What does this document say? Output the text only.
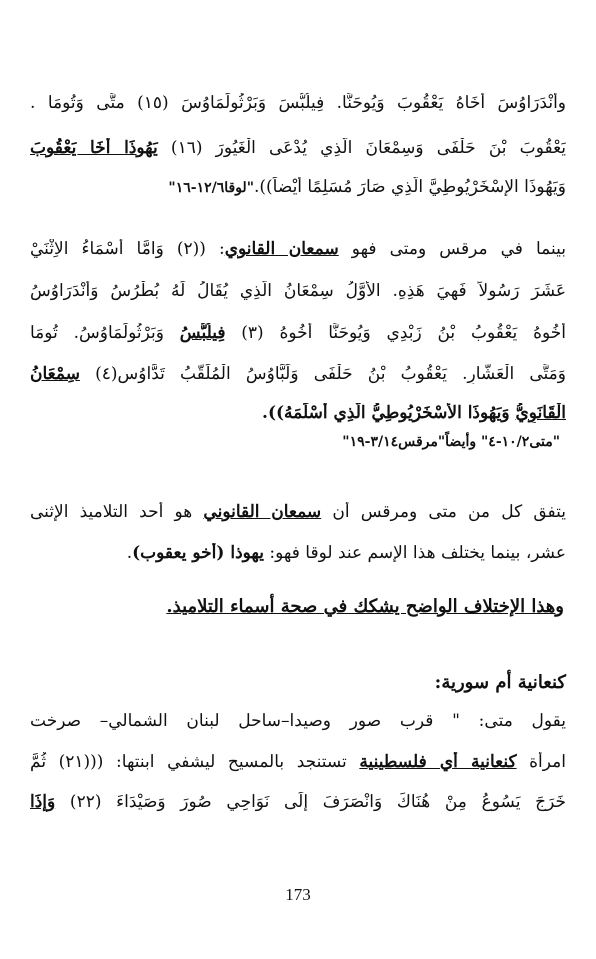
وأَنْدَرَاوُسَ أَخَاهُ يَعْقُوبَ وَيُوحَنَّا. فِيلُبُّسَ وَبَرْثُولَمَاوُسَ (١٥) متَّى وَتُومَا .
يَعْقُوبَ بْنَ حَلْفَى وَسِمْعَانَ الَّذِي يُدْعَى الْغَيُورَ (١٦) يَهُوذَا أَخَا يَعْقُوبَ
وَيَهُوذَا الإِسْخَرْيُوطِيَّ الَّذِي صَارَ مُسَلِمًا أَيْضاً))."لوقا١٢/٦-١٦"
بينما في مرقس ومتى فهو سمعان القانوي: ((٢) وَامَّا أَسْمَاءُ الاِثْنَيْ
عَشَرَ رَسُولاً فَهِيَ هَذِهِ. الأَوَّلُ سِمْعَانُ الَّذِي يُقَالُ لَهُ بُطْرُسُ وَأَنْدَرَاوُسُ
أَخُوهُ يَعْقُوبُ بْنُ زَبْدِي وَيُوحَنَّا أَخُوهُ (٣) فِيلُبُّسُ وَبَرْثُولَمَاوُسُ. تُومَا
وَمَتَّى الْعَشَّارِ. يَعْقُوبُ بْنُ حَلْفَى وَلَبَّاوُسُ الْمُلَقَّبُ تَدَّاوُس(٤) سِمْعَانُ
الْقَانَوِيُّ وَيَهُوذَا الأَسْخَرْيُوطِيُّ الَّذِي أَسْلَمَهُ)).
"متى١٠/٢-٤" وأيضاً"مرقس٣/١٤-١٩"
يتفق كل من متى ومرقس أن سمعان القانوني هو أحد التلاميذ الإثنى
عشر، بينما يختلف هذا الإسم عند لوقا فهو: يهوذا (أخو يعقوب).
وهذا الإختلاف الواضح يشكك في صحة أسماء التلاميذ.
كنعانية أم سورية:
يقول متى: " قرب صور وصيدا–ساحل لبنان الشمالي– صرخت
امرأة كنعانية أي فلسطينية تستنجد بالمسيح ليشفي ابنتها: (((٢١) ثُمَّ
خَرَجَ يَسُوعُ مِنْ هُنَاكَ وَانْصَرَفَ إِلَى نَوَاحِي صُورَ وَصَيْدَاءَ (٢٢) وَإِذَا
173
